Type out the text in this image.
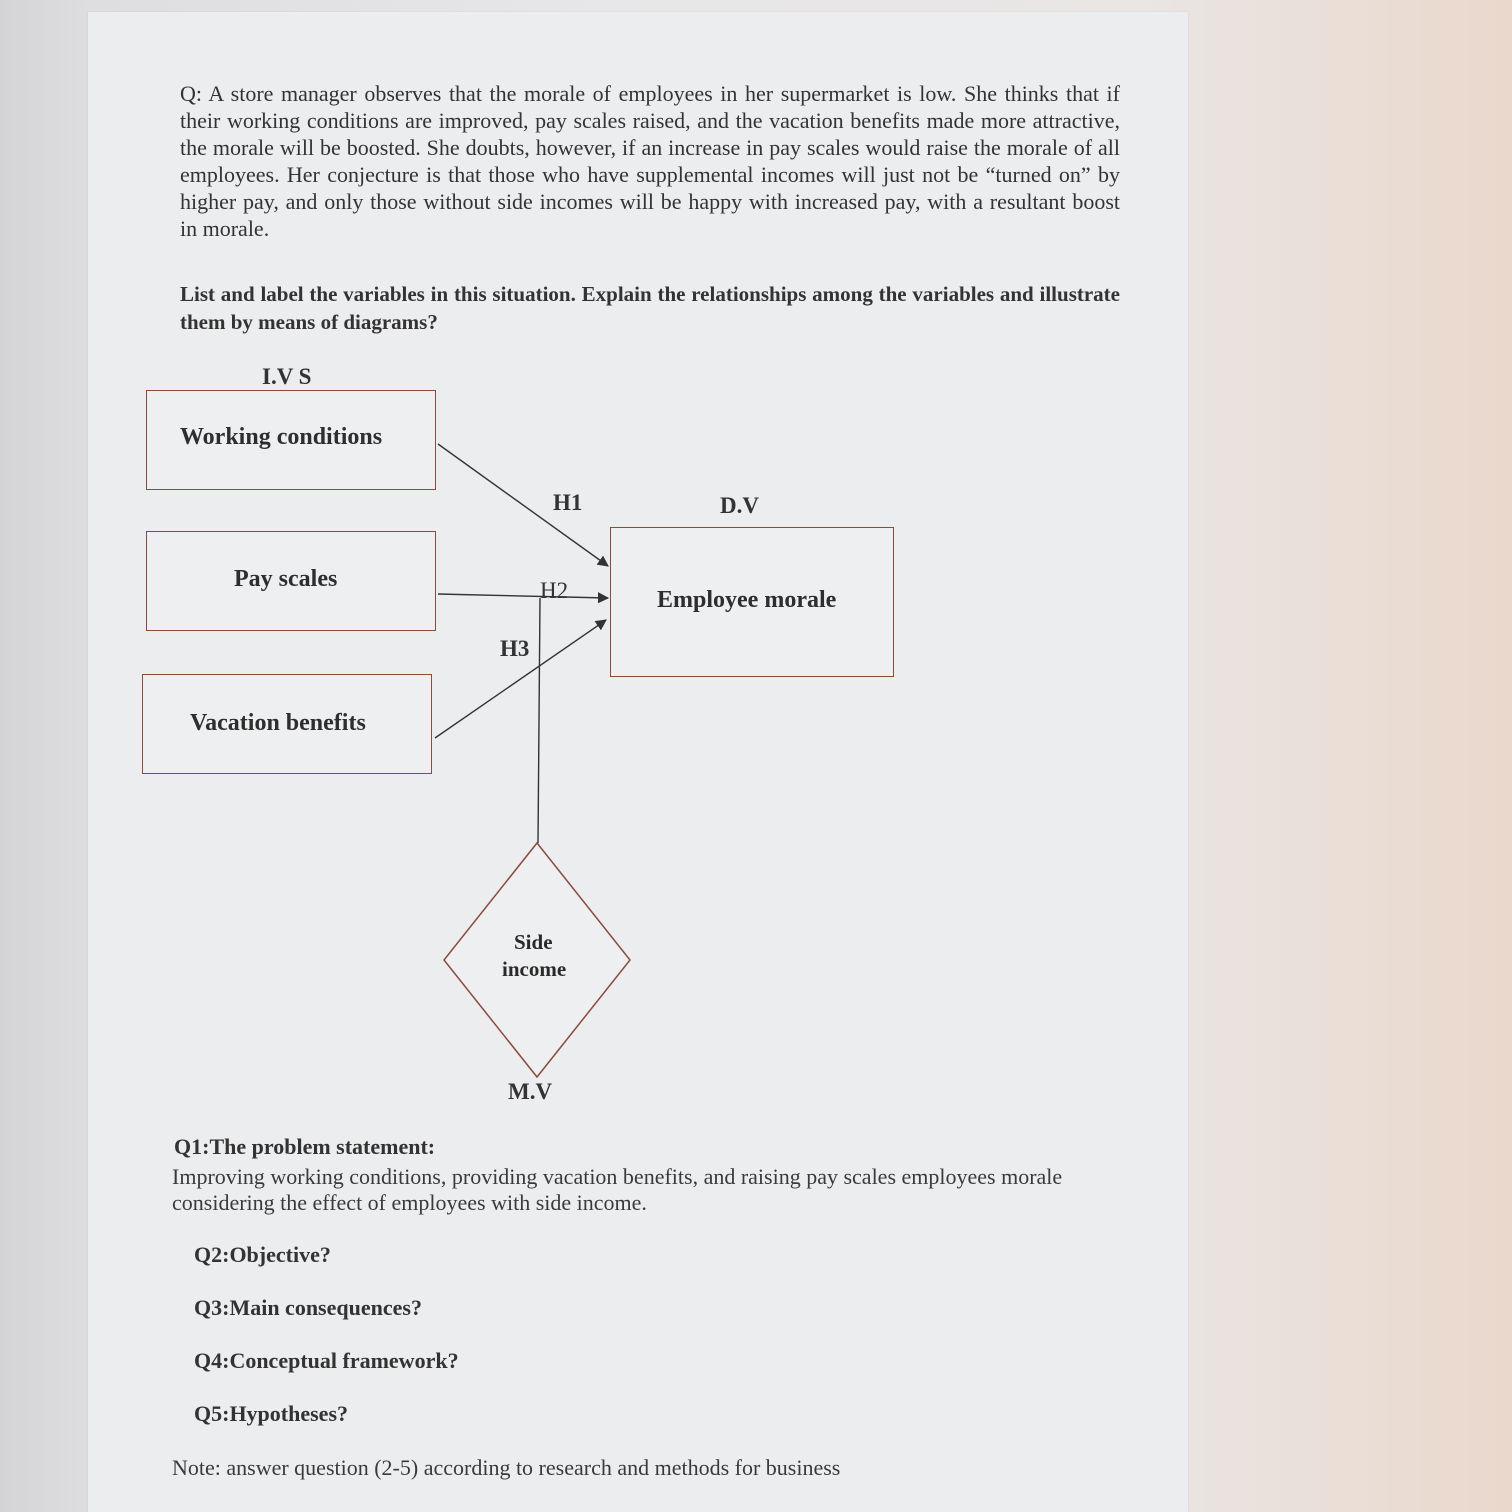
Q: A store manager observes that the morale of employees in her supermarket is low. She thinks that if their working conditions are improved, pay scales raised, and the vacation benefits made more attractive, the morale will be boosted. She doubts, however, if an increase in pay scales would raise the morale of all employees. Her conjecture is that those who have supplemental incomes will just not be “turned on” by higher pay, and only those without side incomes will be happy with increased pay, with a resultant boost in morale.
List and label the variables in this situation. Explain the relationships among the variables and illustrate them by means of diagrams?
I.V S
D.V
H1
H2
H3
M.V
Working conditions
Pay scales
Vacation benefits
Employee morale
Side
income
Q1:The problem statement:
Improving working conditions, providing vacation benefits, and raising pay scales employees morale considering the effect of employees with side income.
Q2:Objective?
Q3:Main consequences?
Q4:Conceptual framework?
Q5:Hypotheses?
Note: answer question (2-5) according to research and methods for business
